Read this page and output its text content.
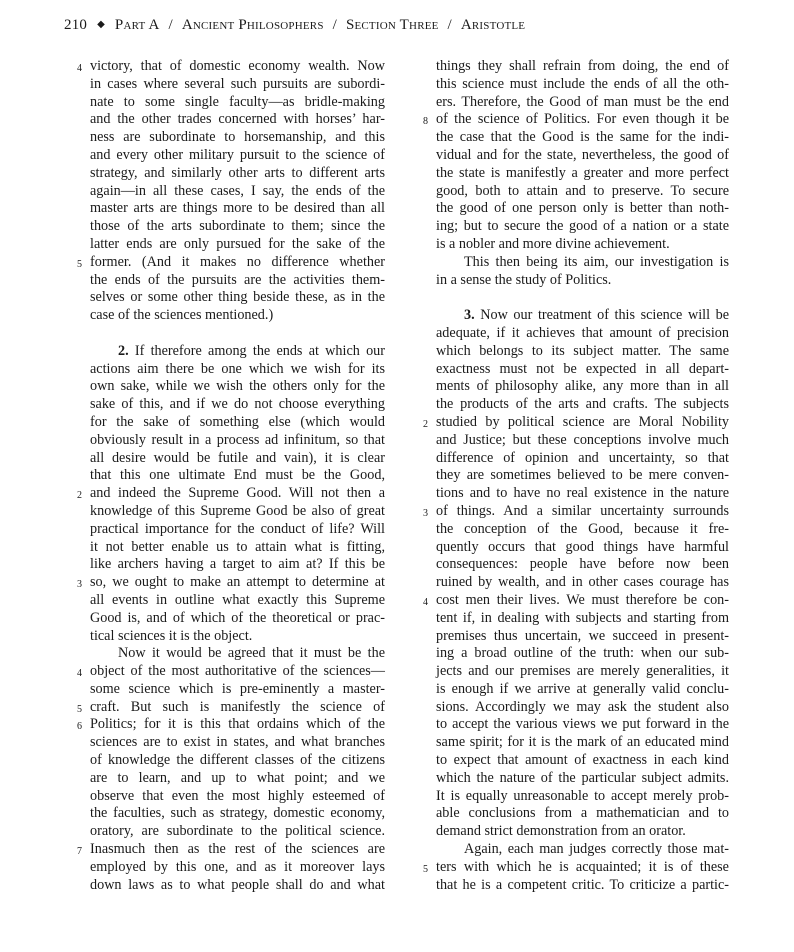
210 ◆ Part A / Ancient Philosophers / Section Three / Aristotle
4 victory, that of domestic economy wealth. Now
in cases where several such pursuits are subordi-
nate to some single faculty—as bridle-making
and the other trades concerned with horses’ har-
ness are subordinate to horsemanship, and this
and every other military pursuit to the science of
strategy, and similarly other arts to different arts
again—in all these cases, I say, the ends of the
master arts are things more to be desired than all
those of the arts subordinate to them; since the
latter ends are only pursued for the sake of the
5 former. (And it makes no difference whether
the ends of the pursuits are the activities them-
selves or some other thing beside these, as in the
case of the sciences mentioned.)
2. If therefore among the ends at which our
actions aim there be one which we wish for its
own sake, while we wish the others only for the
sake of this, and if we do not choose everything
for the sake of something else (which would
obviously result in a process ad infinitum, so that
all desire would be futile and vain), it is clear
that this one ultimate End must be the Good,
2 and indeed the Supreme Good. Will not then a
knowledge of this Supreme Good be also of great
practical importance for the conduct of life? Will
it not better enable us to attain what is fitting,
like archers having a target to aim at? If this be
3 so, we ought to make an attempt to determine at
all events in outline what exactly this Supreme
Good is, and of which of the theoretical or prac-
tical sciences it is the object.
Now it would be agreed that it must be the
4 object of the most authoritative of the sciences—
some science which is pre-eminently a master-
5 craft. But such is manifestly the science of
6 Politics; for it is this that ordains which of the
sciences are to exist in states, and what branches
of knowledge the different classes of the citizens
are to learn, and up to what point; and we
observe that even the most highly esteemed of
the faculties, such as strategy, domestic economy,
oratory, are subordinate to the political science.
7 Inasmuch then as the rest of the sciences are
employed by this one, and as it moreover lays
down laws as to what people shall do and what
things they shall refrain from doing, the end of
this science must include the ends of all the oth-
ers. Therefore, the Good of man must be the end
8 of the science of Politics. For even though it be
the case that the Good is the same for the indi-
vidual and for the state, nevertheless, the good of
the state is manifestly a greater and more perfect
good, both to attain and to preserve. To secure
the good of one person only is better than noth-
ing; but to secure the good of a nation or a state
is a nobler and more divine achievement.
This then being its aim, our investigation is
in a sense the study of Politics.
3. Now our treatment of this science will be
adequate, if it achieves that amount of precision
which belongs to its subject matter. The same
exactness must not be expected in all depart-
ments of philosophy alike, any more than in all
the products of the arts and crafts. The subjects
2 studied by political science are Moral Nobility
and Justice; but these conceptions involve much
difference of opinion and uncertainty, so that
they are sometimes believed to be mere conven-
tions and to have no real existence in the nature
3 of things. And a similar uncertainty surrounds
the conception of the Good, because it fre-
quently occurs that good things have harmful
consequences: people have before now been
ruined by wealth, and in other cases courage has
4 cost men their lives. We must therefore be con-
tent if, in dealing with subjects and starting from
premises thus uncertain, we succeed in present-
ing a broad outline of the truth: when our sub-
jects and our premises are merely generalities, it
is enough if we arrive at generally valid conclu-
sions. Accordingly we may ask the student also
to accept the various views we put forward in the
same spirit; for it is the mark of an educated mind
to expect that amount of exactness in each kind
which the nature of the particular subject admits.
It is equally unreasonable to accept merely prob-
able conclusions from a mathematician and to
demand strict demonstration from an orator.
Again, each man judges correctly those mat-
5 ters with which he is acquainted; it is of these
that he is a competent critic. To criticize a partic-
